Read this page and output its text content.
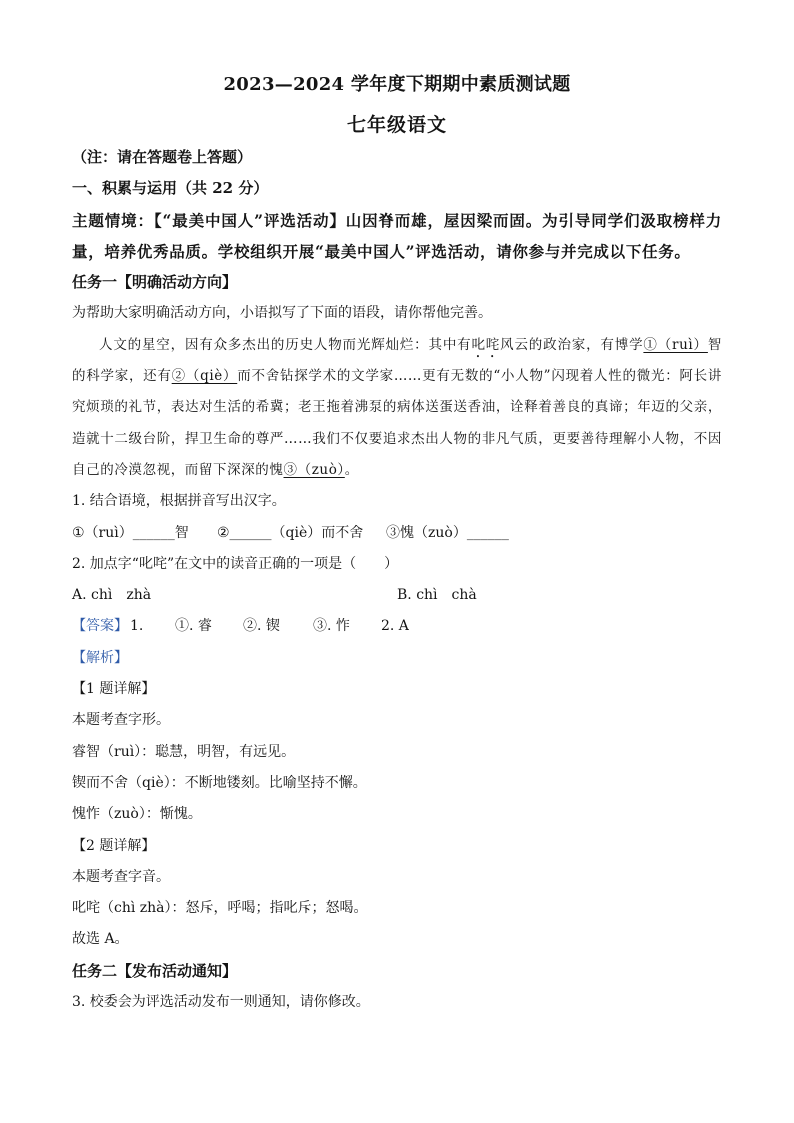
2023—2024 学年度下期期中素质测试题
七年级语文
（注：请在答题卷上答题）
一、积累与运用（共 22 分）
主题情境：【“最美中国人”评选活动】山因脊而雄，屋因梁而固。为引导同学们汲取榜样力量，培养优秀品质。学校组织开展“最美中国人”评选活动，请你参与并完成以下任务。
任务一【明确活动方向】
为帮助大家明确活动方向，小语拟写了下面的语段，请你帮他完善。
人文的星空，因有众多杰出的历史人物而光辉灿烂：其中有叱咤风云的政治家，有博学①（ruì）智的科学家，还有②（qiè）而不舍钻探学术的文学家……更有无数的“小人物”闪现着人性的微光：阿长讲究烦琐的礼节，表达对生活的希冀；老王拖着沸泵的病体送蛋送香油，诠释着善良的真谛；年迈的父亲，造就十二级台阶，捍卫生命的尊严……我们不仅要追求杰出人物的非凡气质，更要善待理解小人物，不因自己的冷漠忽视，而留下深深的愧③（zuò）。
1. 结合语境，根据拼音写出汉字。
①（ruì）______智 ②______（qiè）而不舍 ③愧（zuò）______
2. 加点字“叱咤”在文中的读音正确的一项是（　　）
A. chì　zhà	B. chì　chà
【答案】 1. ①. 睿 ②. 锲 ③. 怍 2. A
【解析】
【1 题详解】
本题考查字形。
睿智（ruì）：聪慧，明智，有远见。
锲而不舍（qiè）：不断地镂刻。比喻坚持不懈。
愧怍（zuò）：惭愧。
【2 题详解】
本题考查字音。
叱咤（chì zhà）：怒斥，呼喝；指叱斥；怒喝。
故选 A。
任务二【发布活动通知】
3. 校委会为评选活动发布一则通知，请你修改。
